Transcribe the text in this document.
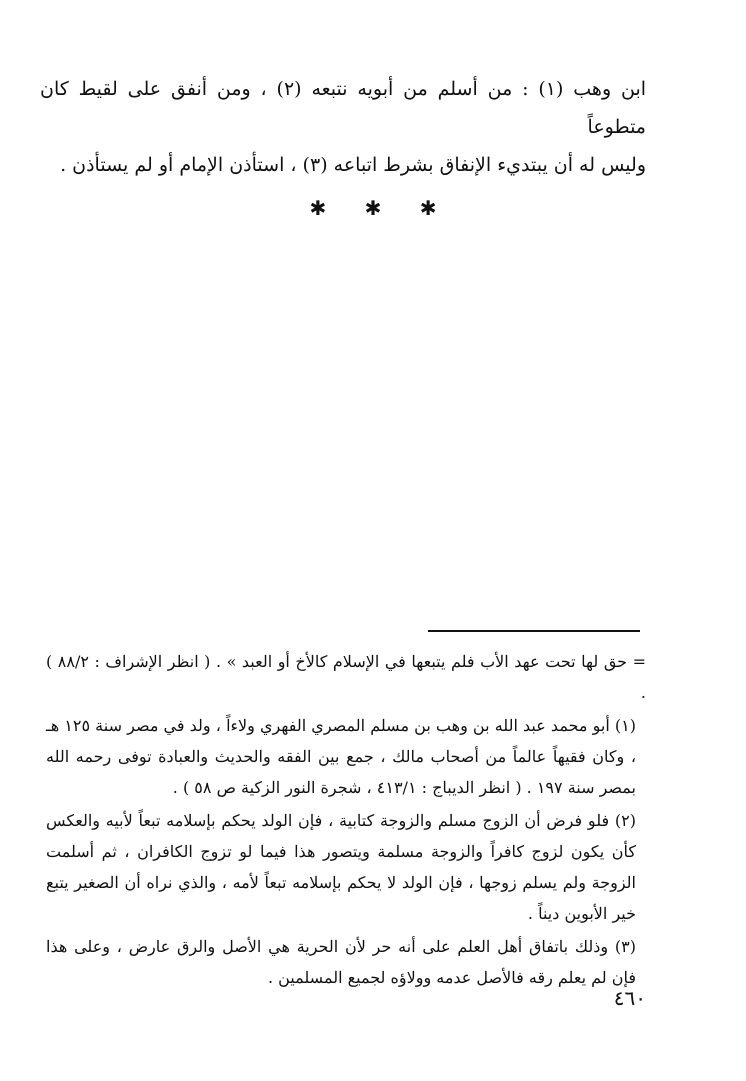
ابن وهب (١) : من أسلم من أبويه نتبعه (٢) ، ومن أنفق على لقيط كان متطوعاً

وليس له أن يبتديء الإنفاق بشرط اتباعه (٣) ، استأذن الإمام أو لم يستأذن .

✱ ✱ ✱

= حق لها تحت عهد الأب فلم يتبعها في الإسلام كالأخ أو العبد » . ( انظر الإشراف : ٨٨/٢ ) .

(١) أبو محمد عبد الله بن وهب بن مسلم المصري الفهري ولاءاً ، ولد في مصر سنة ١٢٥ هـ ، وكان فقيهاً عالماً من أصحاب مالك ، جمع بين الفقه والحديث والعبادة توفى رحمه الله بمصر سنة ١٩٧ . ( انظر الديباج : ٤١٣/١ ، شجرة النور الزكية ص ٥٨ ) .

(٢) فلو فرض أن الزوج مسلم والزوجة كتابية ، فإن الولد يحكم بإسلامه تبعاً لأبيه والعكس كأن يكون لزوج كافراً والزوجة مسلمة ويتصور هذا فيما لو تزوج الكافران ، ثم أسلمت الزوجة ولم يسلم زوجها ، فإن الولد لا يحكم بإسلامه تبعاً لأمه ، والذي نراه أن الصغير يتبع خير الأبوين ديناً .

(٣) وذلك باتفاق أهل العلم على أنه حر لأن الحرية هي الأصل والرق عارض ، وعلى هذا فإن لم يعلم رقه فالأصل عدمه وولاؤه لجميع المسلمين .

٤٦٠
